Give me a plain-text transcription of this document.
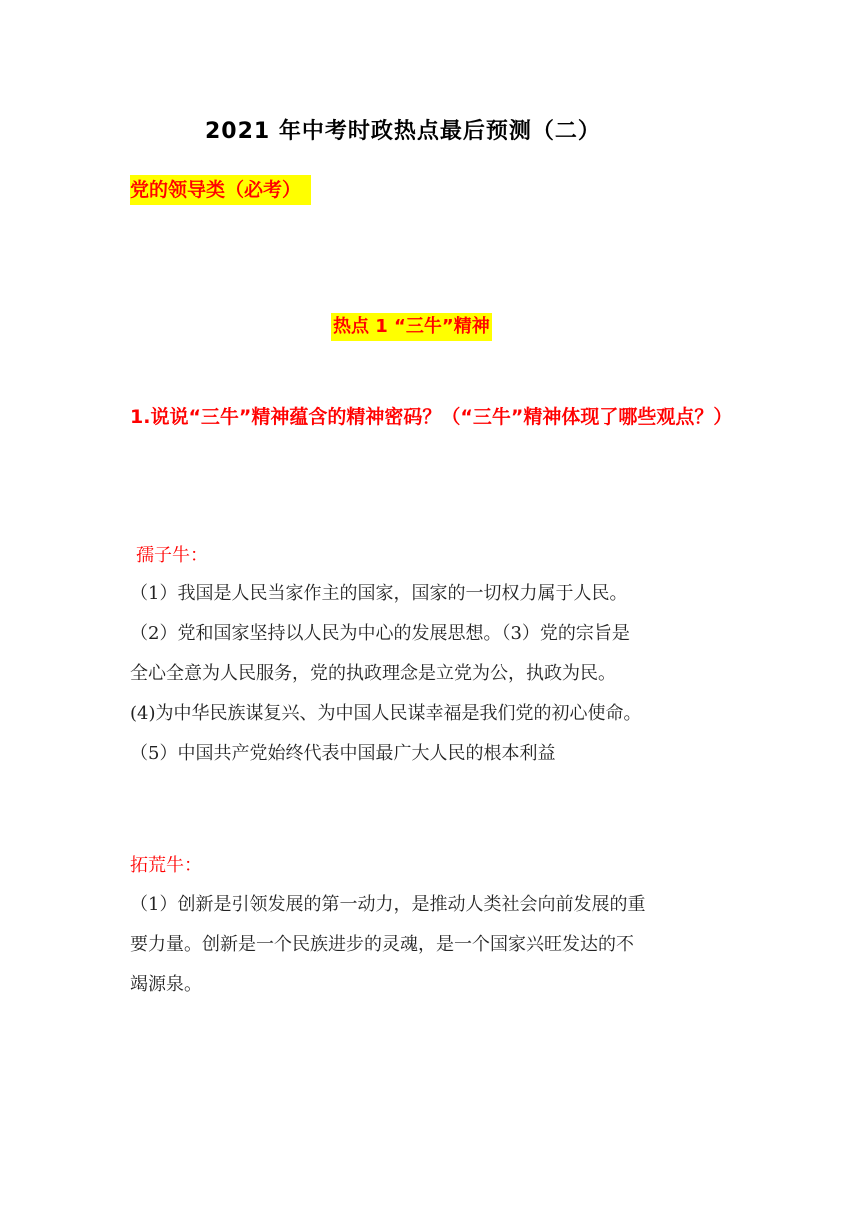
2021 年中考时政热点最后预测（二）
党的领导类（必考）
热点 1 “三牛”精神
1.说说“三牛”精神蕴含的精神密码？（“三牛”精神体现了哪些观点？）
孺子牛：
（1）我国是人民当家作主的国家，国家的一切权力属于人民。
（2）党和国家坚持以人民为中心的发展思想。（3）党的宗旨是
全心全意为人民服务，党的执政理念是立党为公，执政为民。
(4)为中华民族谋复兴、为中国人民谋幸福是我们党的初心使命。
（5）中国共产党始终代表中国最广大人民的根本利益
拓荒牛：
（1）创新是引领发展的第一动力，是推动人类社会向前发展的重
要力量。创新是一个民族进步的灵魂，是一个国家兴旺发达的不
竭源泉。
